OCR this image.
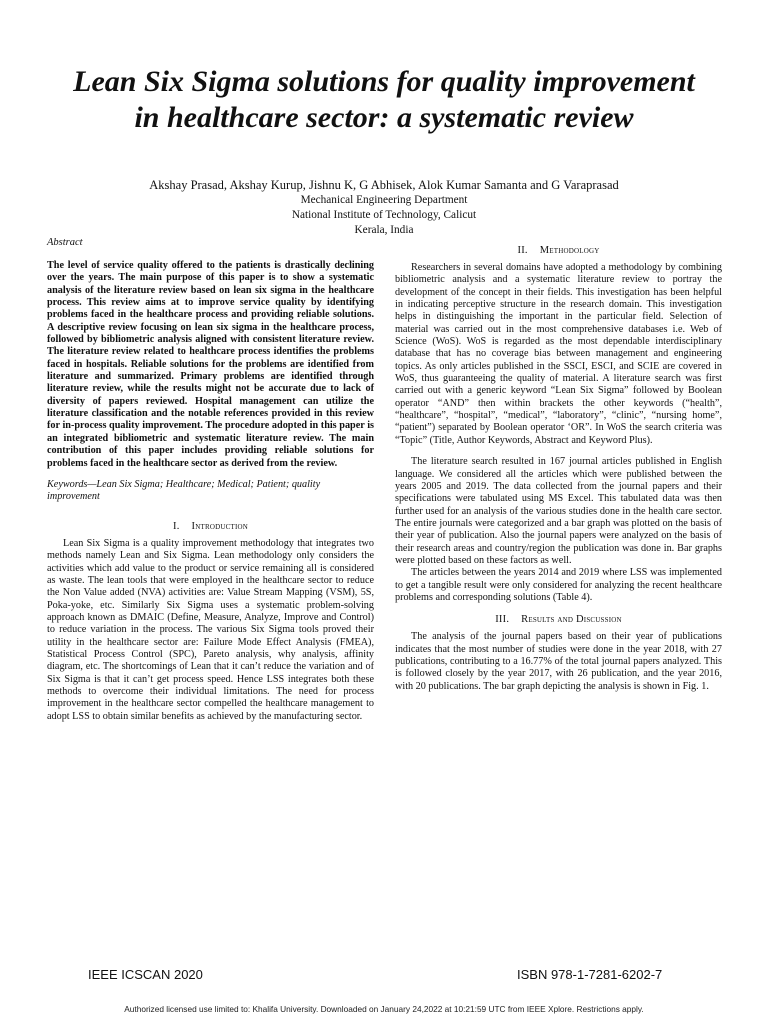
Lean Six Sigma solutions for quality improvement
in healthcare sector: a systematic review
Akshay Prasad, Akshay Kurup, Jishnu K, G Abhisek, Alok Kumar Samanta and G Varaprasad
Mechanical Engineering Department
National Institute of Technology, Calicut
Kerala, India

Abstract

The level of service quality offered to the patients is drastically declining over the years. The main purpose of this paper is to show a systematic analysis of the literature review based on lean six sigma in the healthcare process. This review aims at to improve service quality by identifying problems faced in the healthcare process and providing reliable solutions. A descriptive review focusing on lean six sigma in the healthcare process, followed by bibliometric analysis aligned with consistent literature review. The literature review related to healthcare process identifies the problems faced in hospitals. Reliable solutions for the problems are identified from literature and summarized. Primary problems are identified through literature review, while the results might not be accurate due to lack of diversity of papers reviewed. Hospital management can utilize the literature classification and the notable references provided in this review for in-process quality improvement. The procedure adopted in this paper is an integrated bibliometric and systematic literature review. The main contribution of this paper includes providing reliable solutions for problems faced in the healthcare sector as derived from the review.

Keywords—Lean Six Sigma; Healthcare; Medical; Patient; quality improvement

I. Introduction

Lean Six Sigma is a quality improvement methodology that integrates two methods namely Lean and Six Sigma. Lean methodology only considers the activities which add value to the product or service remaining all is considered as waste. The lean tools that were employed in the healthcare sector to reduce the Non Value added (NVA) activities are: Value Stream Mapping (VSM), 5S, Poka-yoke, etc. Similarly Six Sigma uses a systematic problem-solving approach known as DMAIC (Define, Measure, Analyze, Improve and Control) to reduce variation in the process. The various Six Sigma tools proved their utility in the healthcare sector are: Failure Mode Effect Analysis (FMEA), Statistical Process Control (SPC), Pareto analysis, why analysis, affinity diagram, etc. The shortcomings of Lean that it can’t reduce the variation and of Six Sigma is that it can’t get process speed. Hence LSS integrates both these methods to overcome their individual limitations. The need for process improvement in the healthcare sector compelled the healthcare management to adopt LSS to obtain similar benefits as achieved by the manufacturing sector.

II. Methodology

Researchers in several domains have adopted a methodology by combining bibliometric analysis and a systematic literature review to portray the development of the concept in their fields. This investigation has been helpful in indicating perceptive structure in the research domain. This investigation helps in distinguishing the important in the particular field. Selection of material was carried out in the most comprehensive databases i.e. Web of Science (WoS). WoS is regarded as the most dependable interdisciplinary database that has no coverage bias between management and engineering topics. As only articles published in the SSCI, ESCI, and SCIE are covered in WoS, thus guaranteeing the quality of material. A literature search was first carried out with a generic keyword “Lean Six Sigma” followed by Boolean operator “AND” then within brackets the other keywords (“health”, “healthcare”, “hospital”, “medical”, “laboratory”, “clinic”, “nursing home”, “patient”) separated by Boolean operator ‘OR”. In WoS the search criteria was “Topic” (Title, Author Keywords, Abstract and Keyword Plus).

The literature search resulted in 167 journal articles published in English language. We considered all the articles which were published between the years 2005 and 2019. The data collected from the journal papers and their specifications were tabulated using MS Excel. This tabulated data was then further used for an analysis of the various studies done in the health care sector. The entire journals were categorized and a bar graph was plotted on the basis of their year of publication. Also the journal papers were analyzed on the basis of their research areas and country/region the publication was done in. Bar graphs were plotted based on these factors as well.

The articles between the years 2014 and 2019 where LSS was implemented to get a tangible result were only considered for analyzing the recent healthcare problems and corresponding solutions (Table 4).

III. Results and Discussion

The analysis of the journal papers based on their year of publications indicates that the most number of studies were done in the year 2018, with 27 publications, contributing to a 16.77% of the total journal papers analyzed. This is followed closely by the year 2017, with 26 publication, and the year 2016, with 20 publications. The bar graph depicting the analysis is shown in Fig. 1.

IEEE ICSCAN 2020	ISBN 978-1-7281-6202-7
Authorized licensed use limited to: Khalifa University. Downloaded on January 24,2022 at 10:21:59 UTC from IEEE Xplore. Restrictions apply.
